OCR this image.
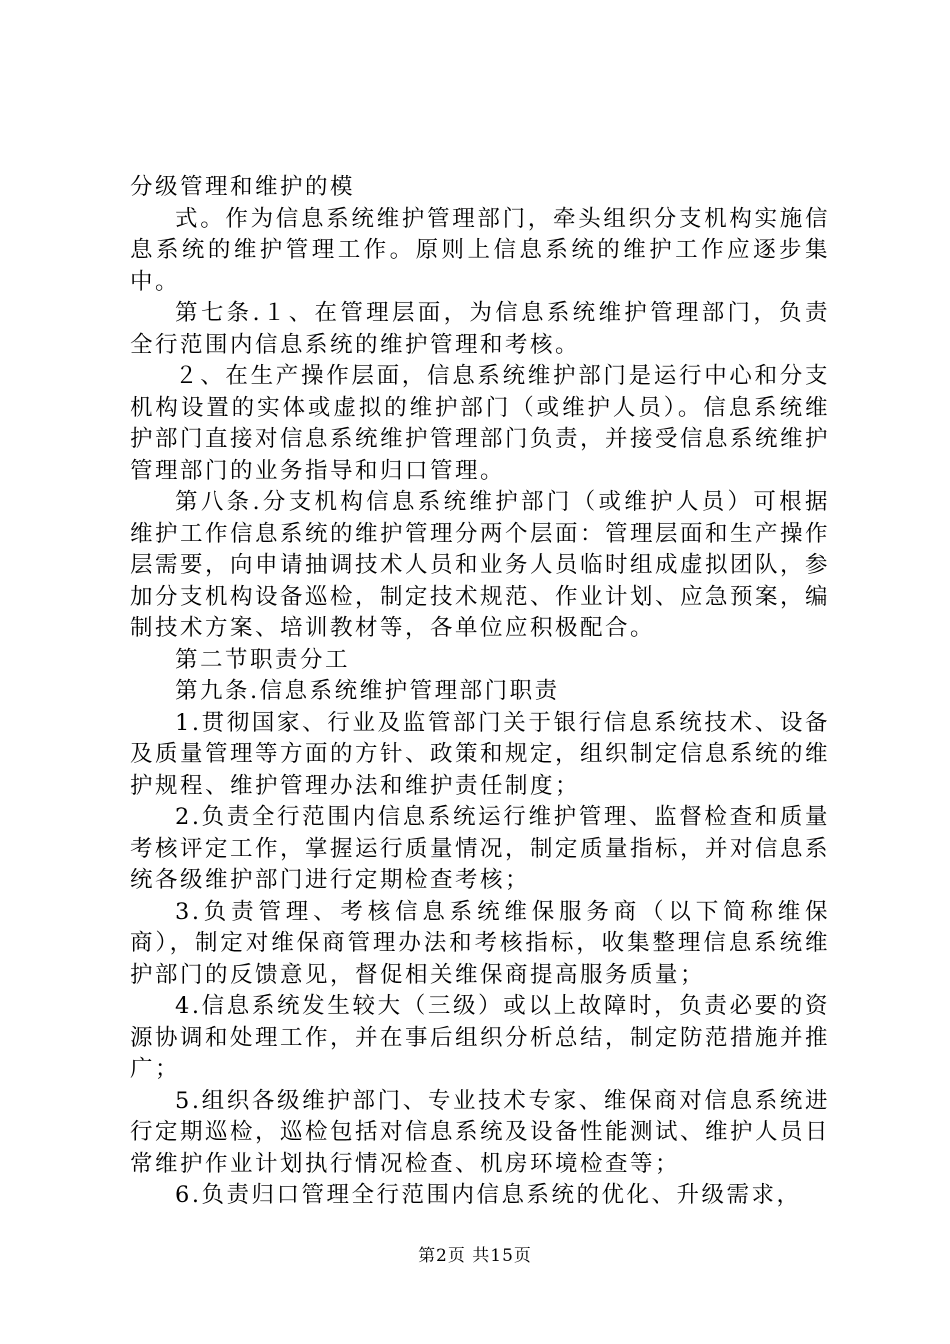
分级管理和维护的模

式。作为信息系统维护管理部门，牵头组织分支机构实施信息系统的维护管理工作。原则上信息系统的维护工作应逐步集中。

第七条.１、在管理层面，为信息系统维护管理部门，负责全行范围内信息系统的维护管理和考核。

２、在生产操作层面，信息系统维护部门是运行中心和分支机构设置的实体或虚拟的维护部门（或维护人员）。信息系统维护部门直接对信息系统维护管理部门负责，并接受信息系统维护管理部门的业务指导和归口管理。

第八条.分支机构信息系统维护部门（或维护人员）可根据维护工作信息系统的维护管理分两个层面：管理层面和生产操作层需要，向申请抽调技术人员和业务人员临时组成虚拟团队，参加分支机构设备巡检，制定技术规范、作业计划、应急预案，编制技术方案、培训教材等，各单位应积极配合。

第二节职责分工

第九条.信息系统维护管理部门职责

1.贯彻国家、行业及监管部门关于银行信息系统技术、设备及质量管理等方面的方针、政策和规定，组织制定信息系统的维护规程、维护管理办法和维护责任制度；

2.负责全行范围内信息系统运行维护管理、监督检查和质量考核评定工作，掌握运行质量情况，制定质量指标，并对信息系统各级维护部门进行定期检查考核；

3.负责管理、考核信息系统维保服务商（以下简称维保商），制定对维保商管理办法和考核指标，收集整理信息系统维护部门的反馈意见，督促相关维保商提高服务质量；

4.信息系统发生较大（三级）或以上故障时，负责必要的资源协调和处理工作，并在事后组织分析总结，制定防范措施并推广；

5.组织各级维护部门、专业技术专家、维保商对信息系统进行定期巡检，巡检包括对信息系统及设备性能测试、维护人员日常维护作业计划执行情况检查、机房环境检查等；

6.负责归口管理全行范围内信息系统的优化、升级需求，

第2页 共15页
